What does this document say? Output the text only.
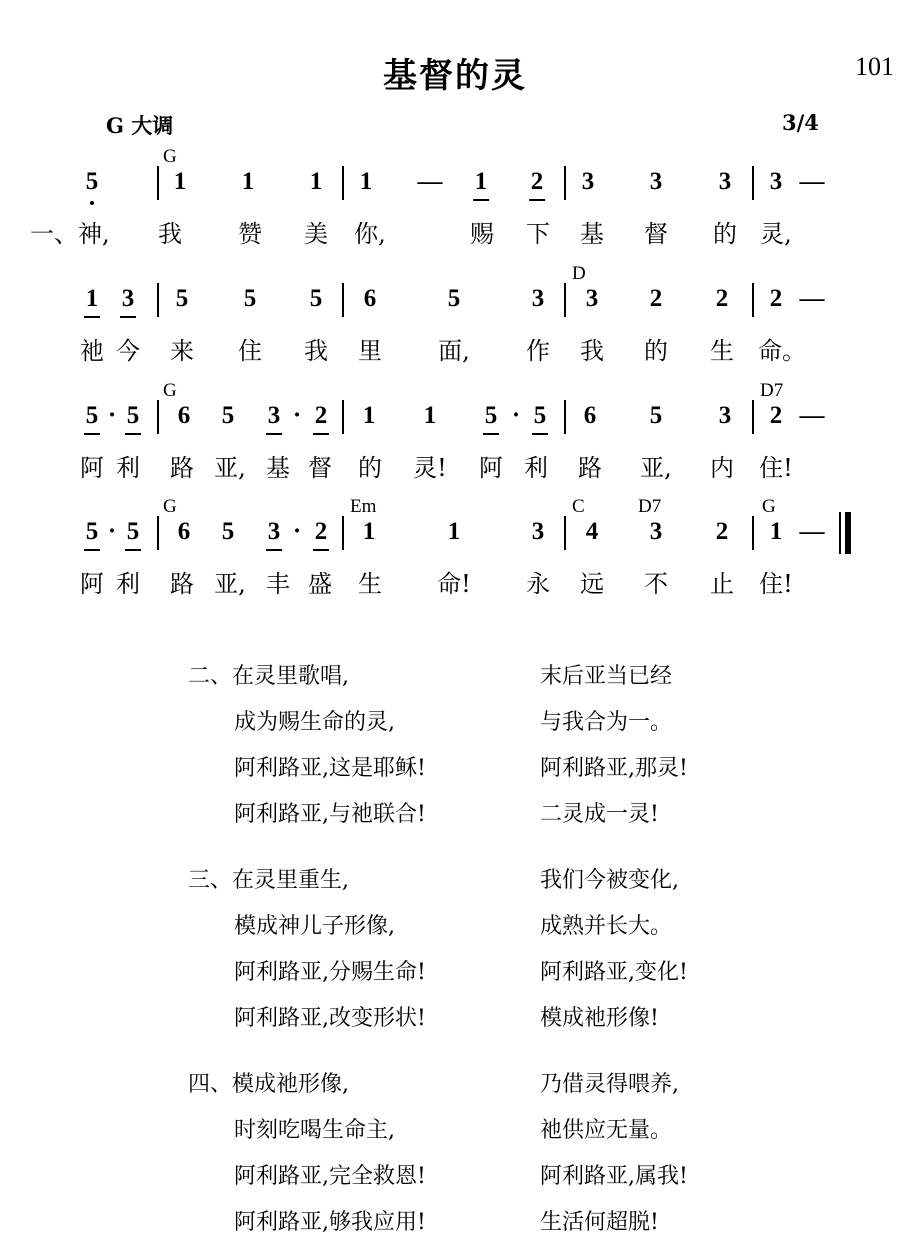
基督的灵	101
G 大调	3/4
5	1	1	1	1	—	1	2	3	3	3	3 —
G
一、神, 我 赞 美 你,	赐 下 基 督 的 灵,
1 3	5	5	5	6	5	3	3	2	2	2 —
D
祂 今 来 住 我 里 面, 作 我 的 生 命。
5 · 5	6	5	3 · 2	1	1	5 · 5	6	5	3	2 —
G	D7
阿 利 路 亚, 基 督 的 灵! 阿 利 路 亚, 内 住!
5 · 5	6	5	3 · 2	1	1	3	4	3	2	1 —
G	Em	C	D7	G
阿 利 路 亚, 丰 盛 生 命! 永 远 不 止 住!
二、在灵里歌唱,
成为赐生命的灵,
阿利路亚,这是耶稣!
阿利路亚,与祂联合!
末后亚当已经
与我合为一。
阿利路亚,那灵!
二灵成一灵!
三、在灵里重生,
模成神儿子形像,
阿利路亚,分赐生命!
阿利路亚,改变形状!
我们今被变化,
成熟并长大。
阿利路亚,变化!
模成祂形像!
四、模成祂形像,
时刻吃喝生命主,
阿利路亚,完全救恩!
阿利路亚,够我应用!
乃借灵得喂养,
祂供应无量。
阿利路亚,属我!
生活何超脱!
